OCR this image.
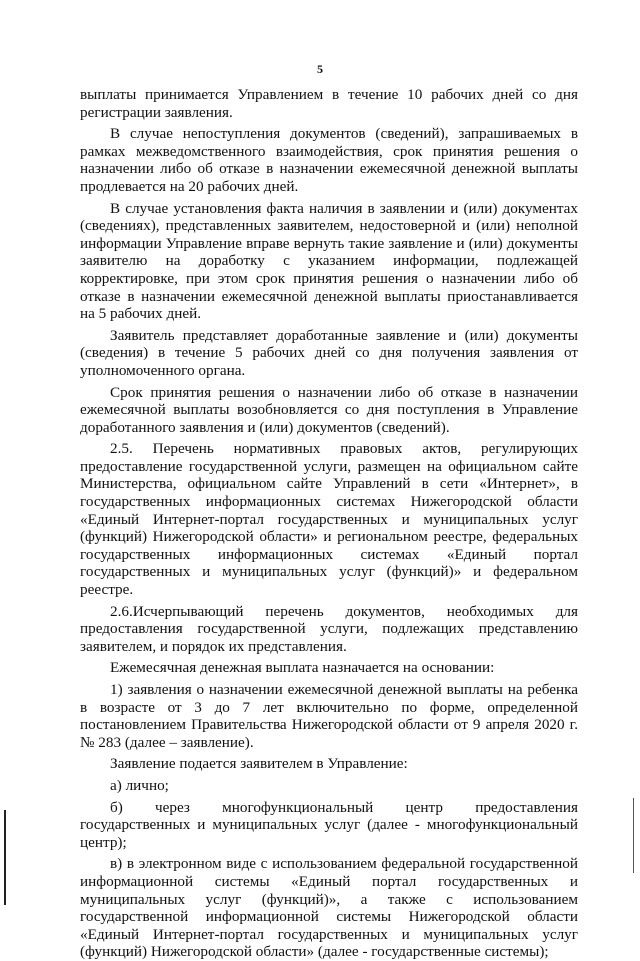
5

выплаты принимается Управлением в течение 10 рабочих дней со дня регистрации заявления.

В случае непоступления документов (сведений), запрашиваемых в рамках межведомственного взаимодействия, срок принятия решения о назначении либо об отказе в назначении ежемесячной денежной выплаты продлевается на 20 рабочих дней.

В случае установления факта наличия в заявлении и (или) документах (сведениях), представленных заявителем, недостоверной и (или) неполной информации Управление вправе вернуть такие заявление и (или) документы заявителю на доработку с указанием информации, подлежащей корректировке, при этом срок принятия решения о назначении либо об отказе в назначении ежемесячной денежной выплаты приостанавливается на 5 рабочих дней.

Заявитель представляет доработанные заявление и (или) документы (сведения) в течение 5 рабочих дней со дня получения заявления от уполномоченного органа.

Срок принятия решения о назначении либо об отказе в назначении ежемесячной выплаты возобновляется со дня поступления в Управление доработанного заявления и (или) документов (сведений).

2.5. Перечень нормативных правовых актов, регулирующих предоставление государственной услуги, размещен на официальном сайте Министерства, официальном сайте Управлений в сети «Интернет», в государственных информационных системах Нижегородской области «Единый Интернет-портал государственных и муниципальных услуг (функций) Нижегородской области» и региональном реестре, федеральных государственных информационных системах «Единый портал государственных и муниципальных услуг (функций)» и федеральном реестре.

2.6.Исчерпывающий перечень документов, необходимых для предоставления государственной услуги, подлежащих представлению заявителем, и порядок их представления.

Ежемесячная денежная выплата назначается на основании:

1) заявления о назначении ежемесячной денежной выплаты на ребенка в возрасте от 3 до 7 лет включительно по форме, определенной постановлением Правительства Нижегородской области от 9 апреля 2020 г. № 283 (далее – заявление).

Заявление подается заявителем в Управление:

а) лично;

б) через многофункциональный центр предоставления государственных и муниципальных услуг (далее - многофункциональный центр);

в) в электронном виде с использованием федеральной государственной информационной системы «Единый портал государственных и муниципальных услуг (функций)», а также с использованием государственной информационной системы Нижегородской области «Единый Интернет-портал государственных и муниципальных услуг (функций) Нижегородской области» (далее - государственные системы);
